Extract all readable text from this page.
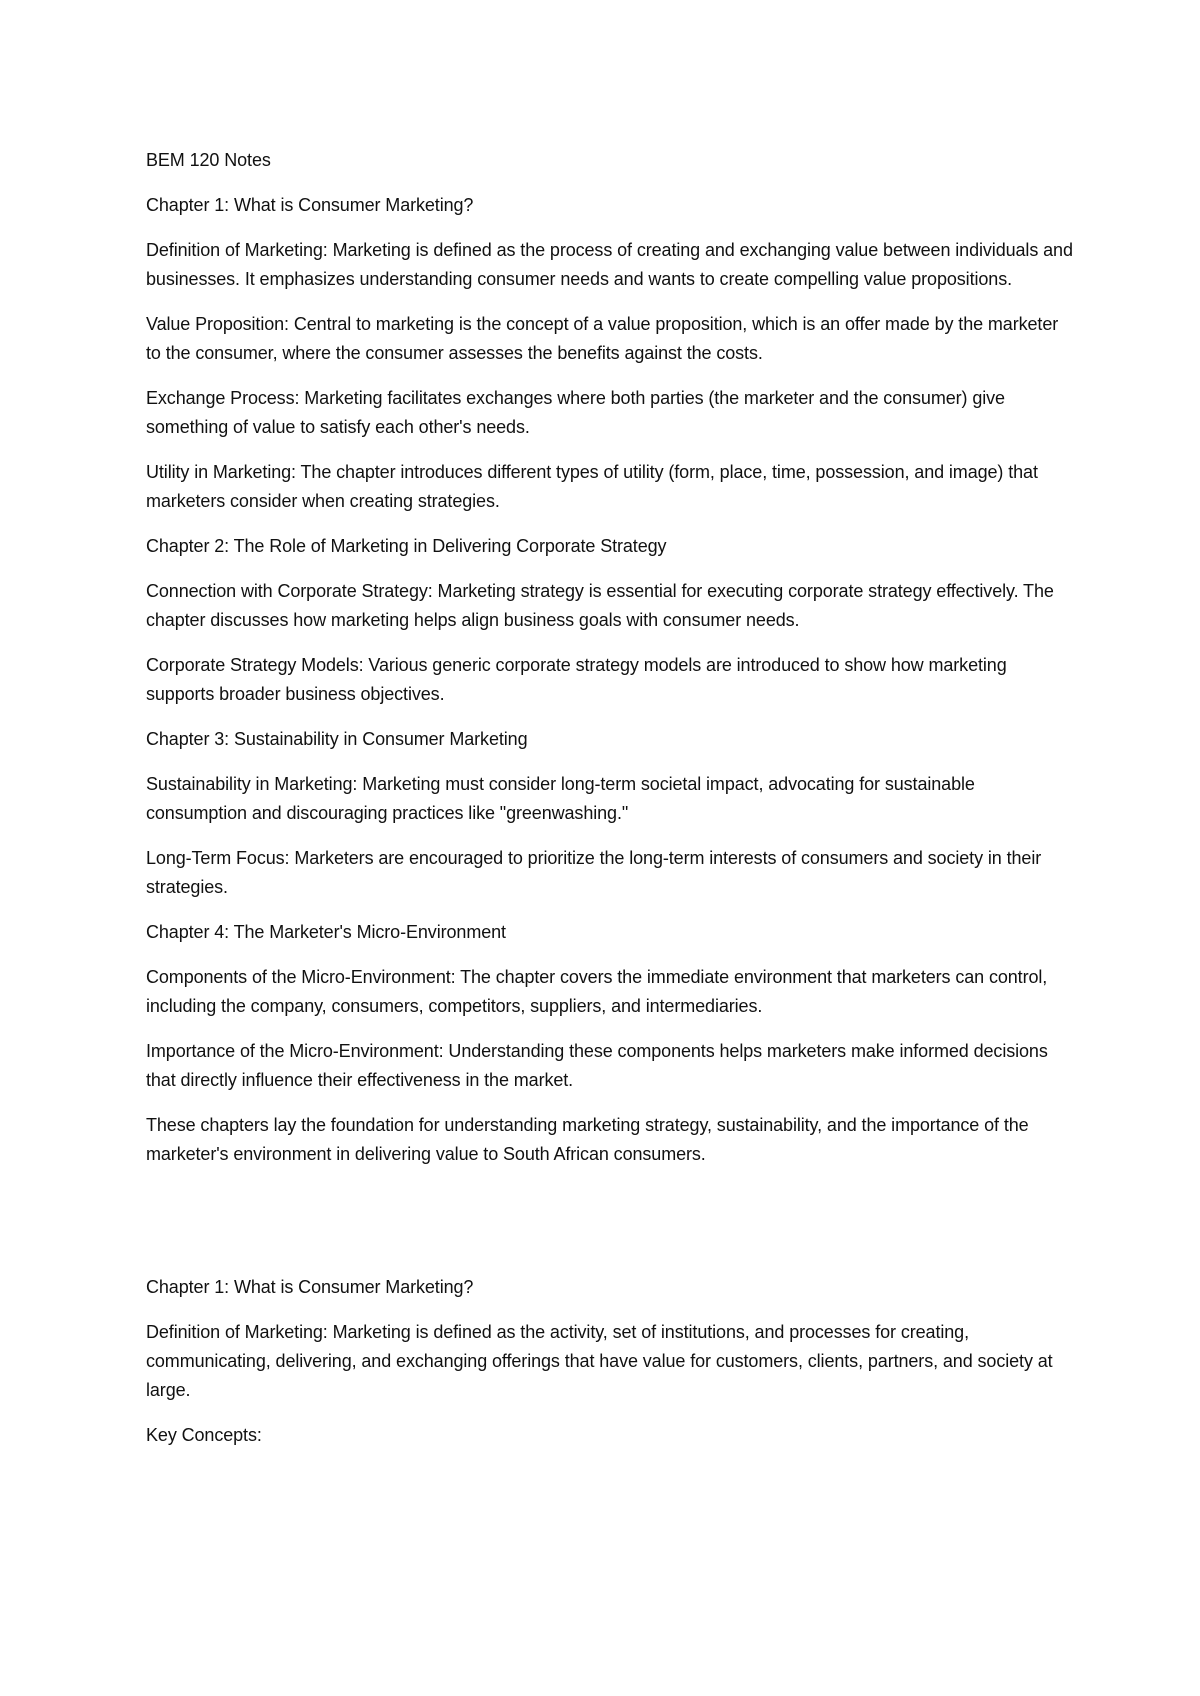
BEM 120 Notes

Chapter 1: What is Consumer Marketing?

Definition of Marketing: Marketing is defined as the process of creating and exchanging value between individuals and businesses. It emphasizes understanding consumer needs and wants to create compelling value propositions.

Value Proposition: Central to marketing is the concept of a value proposition, which is an offer made by the marketer to the consumer, where the consumer assesses the benefits against the costs.

Exchange Process: Marketing facilitates exchanges where both parties (the marketer and the consumer) give something of value to satisfy each other's needs.

Utility in Marketing: The chapter introduces different types of utility (form, place, time, possession, and image) that marketers consider when creating strategies.

Chapter 2: The Role of Marketing in Delivering Corporate Strategy

Connection with Corporate Strategy: Marketing strategy is essential for executing corporate strategy effectively. The chapter discusses how marketing helps align business goals with consumer needs.

Corporate Strategy Models: Various generic corporate strategy models are introduced to show how marketing supports broader business objectives.

Chapter 3: Sustainability in Consumer Marketing

Sustainability in Marketing: Marketing must consider long-term societal impact, advocating for sustainable consumption and discouraging practices like "greenwashing."

Long-Term Focus: Marketers are encouraged to prioritize the long-term interests of consumers and society in their strategies.

Chapter 4: The Marketer's Micro-Environment

Components of the Micro-Environment: The chapter covers the immediate environment that marketers can control, including the company, consumers, competitors, suppliers, and intermediaries.

Importance of the Micro-Environment: Understanding these components helps marketers make informed decisions that directly influence their effectiveness in the market.

These chapters lay the foundation for understanding marketing strategy, sustainability, and the importance of the marketer's environment in delivering value to South African consumers.

Chapter 1: What is Consumer Marketing?

Definition of Marketing: Marketing is defined as the activity, set of institutions, and processes for creating, communicating, delivering, and exchanging offerings that have value for customers, clients, partners, and society at large.

Key Concepts:
